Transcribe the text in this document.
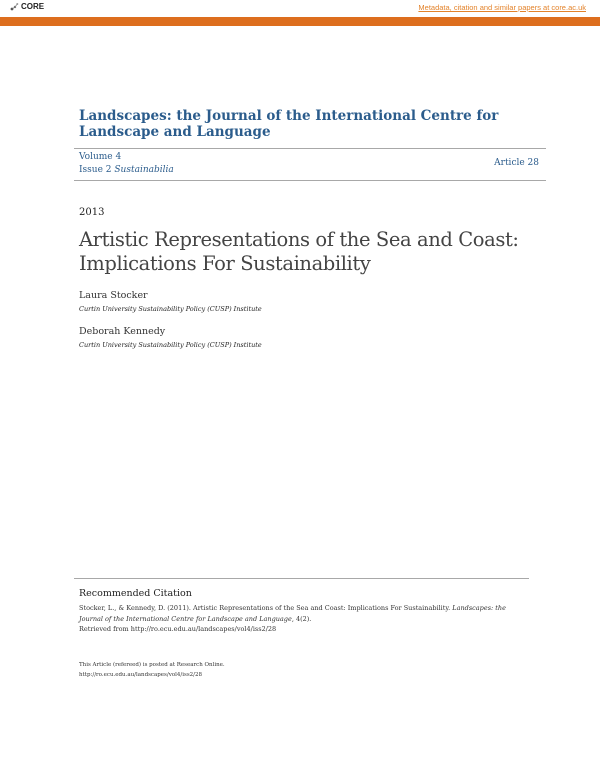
CORE	Metadata, citation and similar papers at core.ac.uk
Provided by Research Online @ ECU
Landscapes: the Journal of the International Centre for
Landscape and Language
Volume 4
Issue 2 Sustainabilia
Article 28
2013
Artistic Representations of the Sea and Coast:
Implications For Sustainability
Laura Stocker
Curtin University Sustainability Policy (CUSP) Institute
Deborah Kennedy
Curtin University Sustainability Policy (CUSP) Institute
Recommended Citation
Stocker, L., & Kennedy, D. (2011). Artistic Representations of the Sea and Coast: Implications For Sustainability. Landscapes: the
Journal of the International Centre for Landscape and Language, 4(2).
Retrieved from http://ro.ecu.edu.au/landscapes/vol4/iss2/28
This Article (refereed) is posted at Research Online.
http://ro.ecu.edu.au/landscapes/vol4/iss2/28
